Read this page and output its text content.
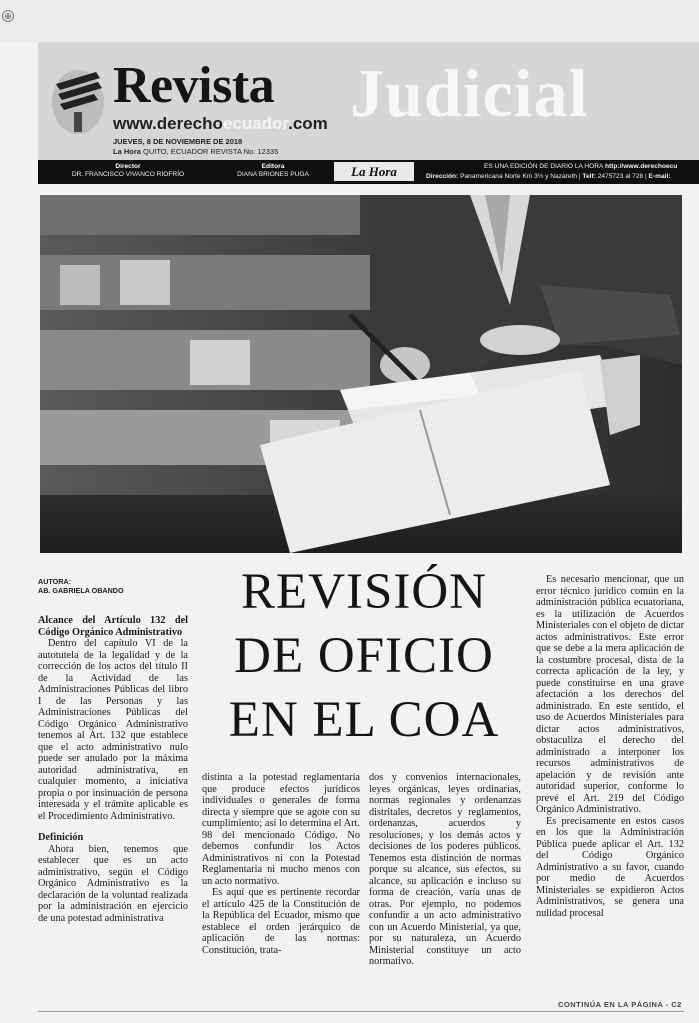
⊕
Revista Judicial
www.derechoecuador.com
JUEVES, 8 DE NOVIEMBRE DE 2018
La Hora QUITO, ECUADOR REVISTA No: 12335
Director
DR. FRANCISCO VIVANCO RIOFRÍO
Editora
DIANA BRIONES PUGA	La Hora	ES UNA EDICIÓN DE DIARIO LA HORA http://www.derechoecu
Dirección: Panamericana Norte Km 3½ y Nazareth | Telf: 2475723 al 728 | E-mail:
AUTORA:
AB. GABRIELA OBANDO

Alcance del Artículo 132 del Código Orgánico Administrativo

Dentro del capítulo VI de la autotutela de la legalidad y de la corrección de los actos del título II de la Actividad de las Administraciones Públicas del libro I de las Personas y las Administraciones Públicas del Código Orgánico Administrativo tenemos al Art. 132 que establece que el acto administrativo nulo puede ser anulado por la máxima autoridad administrativa, en cualquier momento, a iniciativa propia o por insinuación de persona interesada y el trámite aplicable es el Procedimiento Administrativo.

Definición

Ahora bien, tenemos que establecer que es un acto administrativo, según el Código Orgánico Administrativo es la declaración de la voluntad realizada por la administración en ejercicio de una potestad administrativa

REVISIÓN
DE OFICIO
EN EL COA

distinta a la potestad reglamentaria que produce efectos jurídicos individuales o generales de forma directa y siempre que se agote con su cumplimiento; así lo determina el Art. 98 del mencionado Código. No debemos confundir los Actos Administrativos ni con la Potestad Reglamentaria ni mucho menos con un acto normativo.

Es aquí que es pertinente recordar el artículo 425 de la Constitución de la República del Ecuador, mismo que establece el orden jerárquico de aplicación de las normas: Constitución, trata-

dos y convenios internacionales, leyes orgánicas, leyes ordinarias, normas regionales y ordenanzas distritales, decretos y reglamentos, ordenanzas, acuerdos y resoluciones, y los demás actos y decisiones de los poderes públicos. Tenemos esta distinción de normas porque su alcance, sus efectos, su alcance, su aplicación e incluso su forma de creación, varía unas de otras. Por ejemplo, no podemos confundir a un acto administrativo con un Acuerdo Ministerial, ya que, por su naturaleza, un Acuerdo Ministerial constituye un acto normativo.

Es necesario mencionar, que un error técnico jurídico común en la administración pública ecuatoriana, es la utilización de Acuerdos Ministeriales con el objeto de dictar actos administrativos. Este error que se debe a la mera aplicación de la costumbre procesal, dista de la correcta aplicación de la ley, y puede constituirse en una grave afectación a los derechos del administrado. En este sentido, el uso de Acuerdos Ministeriales para dictar actos administrativos, obstaculiza el derecho del administrado a interponer los recursos administrativos de apelación y de revisión ante autoridad superior, conforme lo prevé el Art. 219 del Código Orgánico Administrativo.

Es precisamente en estos casos en los que la Administración Pública puede aplicar el Art. 132 del Código Orgánico Administrativo a su favor, cuando por medio de Acuerdos Ministeriales se expidieron Actos Administrativos, se genera una nulidad procesal

CONTINÚA EN LA PÁGINA - C2
